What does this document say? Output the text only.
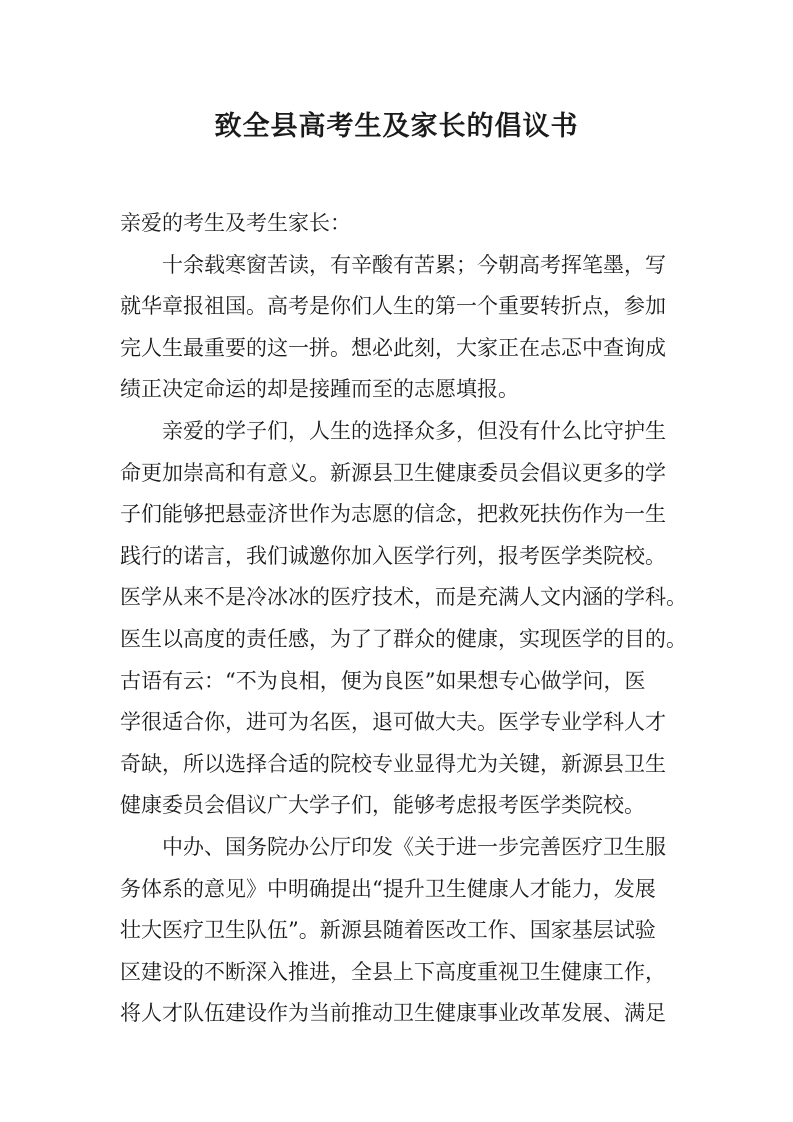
致全县高考生及家长的倡议书
亲爱的考生及考生家长：
十余载寒窗苦读，有辛酸有苦累；今朝高考挥笔墨，写
就华章报祖国。高考是你们人生的第一个重要转折点，参加
完人生最重要的这一拼。想必此刻，大家正在忐忑中查询成
绩正决定命运的却是接踵而至的志愿填报。
亲爱的学子们，人生的选择众多，但没有什么比守护生
命更加崇高和有意义。新源县卫生健康委员会倡议更多的学
子们能够把悬壶济世作为志愿的信念，把救死扶伤作为一生
践行的诺言，我们诚邀你加入医学行列，报考医学类院校。
医学从来不是冷冰冰的医疗技术，而是充满人文内涵的学科。
医生以高度的责任感，为了了群众的健康，实现医学的目的。
古语有云：“不为良相，便为良医”如果想专心做学问，医
学很适合你，进可为名医，退可做大夫。医学专业学科人才
奇缺，所以选择合适的院校专业显得尤为关键，新源县卫生
健康委员会倡议广大学子们，能够考虑报考医学类院校。
中办、国务院办公厅印发《关于进一步完善医疗卫生服
务体系的意见》中明确提出“提升卫生健康人才能力，发展
壮大医疗卫生队伍”。新源县随着医改工作、国家基层试验
区建设的不断深入推进，全县上下高度重视卫生健康工作，
将人才队伍建设作为当前推动卫生健康事业改革发展、满足
